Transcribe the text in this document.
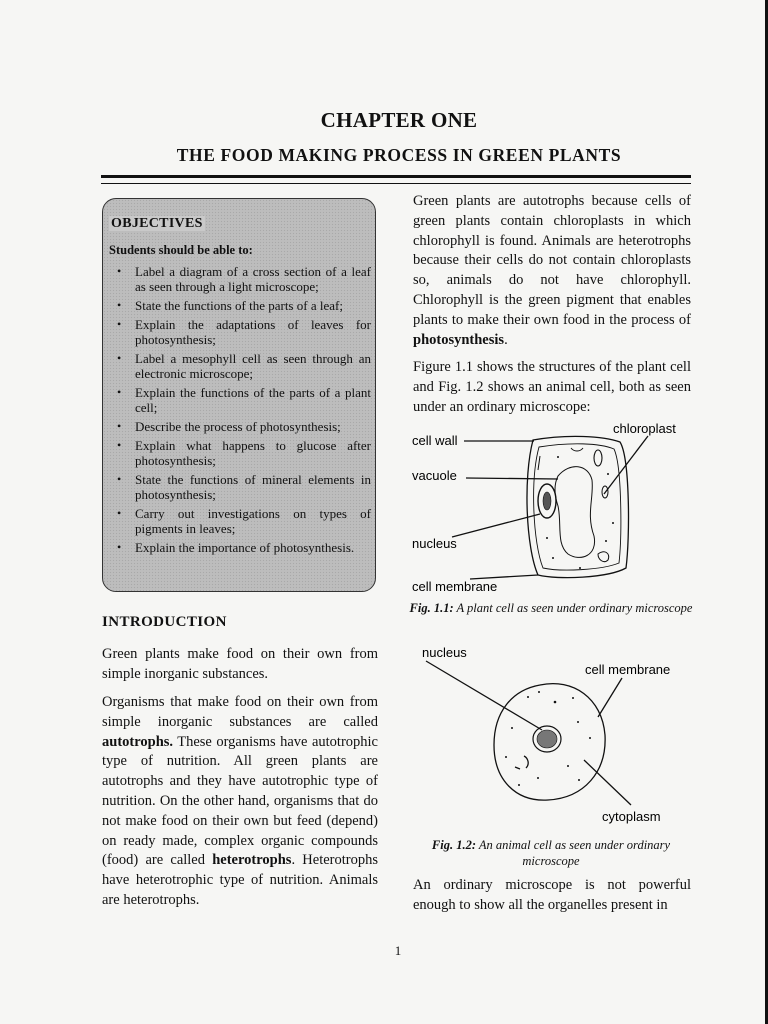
CHAPTER ONE
THE FOOD MAKING PROCESS IN GREEN PLANTS
OBJECTIVES
Students should be able to:
• Label a diagram of a cross section of a leaf as seen through a light microscope;
• State the functions of the parts of a leaf;
• Explain the adaptations of leaves for photosynthesis;
• Label a mesophyll cell as seen through an electronic microscope;
• Explain the functions of the parts of a plant cell;
• Describe the process of photosynthesis;
• Explain what happens to glucose after photosynthesis;
• State the functions of mineral elements in photosynthesis;
• Carry out investigations on types of pigments in leaves;
• Explain the importance of photosynthesis.
INTRODUCTION

Green plants make food on their own from simple inorganic substances.

Organisms that make food on their own from simple inorganic substances are called autotrophs. These organisms have autotrophic type of nutrition. All green plants are autotrophs and they have autotrophic type of nutrition. On the other hand, organisms that do not make food on their own but feed (depend) on ready made, complex organic compounds (food) are called heterotrophs. Heterotrophs have heterotrophic type of nutrition. Animals are heterotrophs.

Green plants are autotrophs because cells of green plants contain chloroplasts in which chlorophyll is found. Animals are heterotrophs because their cells do not contain chloroplasts so, animals do not have chlorophyll. Chlorophyll is the green pigment that enables plants to make their own food in the process of photosynthesis.

Figure 1.1 shows the structures of the plant cell and Fig. 1.2 shows an animal cell, both as seen under an ordinary microscope:

chloroplast
cell wall
vacuole
nucleus
cell membrane
Fig. 1.1: A plant cell as seen under ordinary microscope
nucleus
cell membrane
cytoplasm
Fig. 1.2: An animal cell as seen under ordinary microscope

An ordinary microscope is not powerful enough to show all the organelles present in

1
